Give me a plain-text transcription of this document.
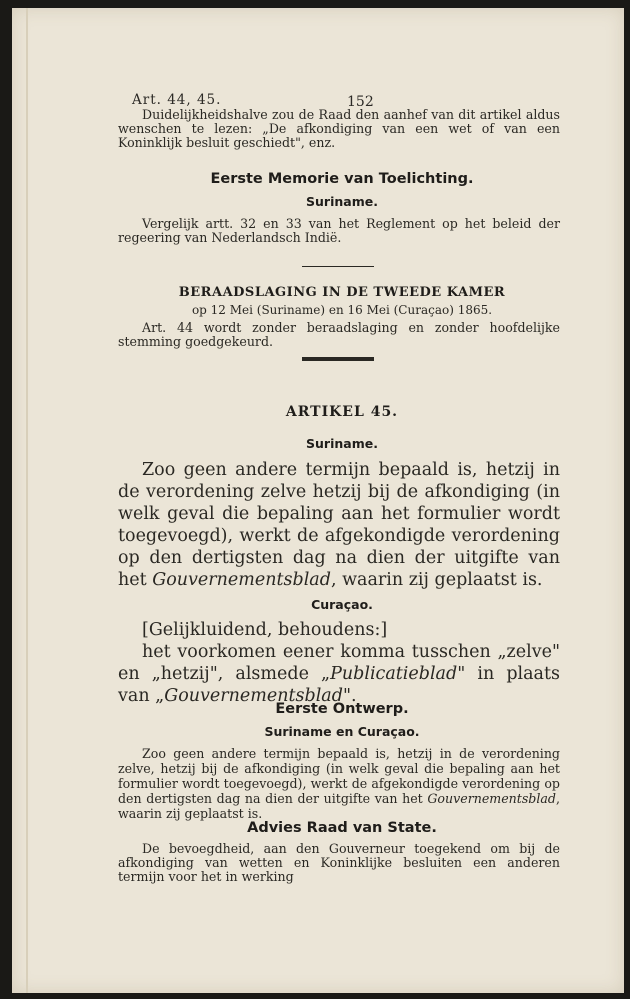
Art. 44, 45.	152
Duidelijkheidshalve zou de Raad den aanhef van dit artikel aldus wenschen te lezen: „De afkondiging van een wet of van een Koninklijk besluit geschiedt", enz.
Eerste Memorie van Toelichting.
Suriname.
Vergelijk artt. 32 en 33 van het Reglement op het beleid der regeering van Nederlandsch Indië.
BERAADSLAGING IN DE TWEEDE KAMER
op 12 Mei (Suriname) en 16 Mei (Curaçao) 1865.
Art. 44 wordt zonder beraadslaging en zonder hoofdelijke stemming goedgekeurd.
ARTIKEL 45.
Suriname.
Zoo geen andere termijn bepaald is, hetzij in de verordening zelve hetzij bij de afkondiging (in welk geval die bepaling aan het formulier wordt toegevoegd), werkt de afgekondigde verordening op den dertigsten dag na dien der uitgifte van het Gouvernementsblad, waarin zij geplaatst is.
Curaçao.
[Gelijkluidend, behoudens:]
het voorkomen eener komma tusschen „zelve" en „hetzij", alsmede „Publicatieblad" in plaats van „Gouvernementsblad".
Eerste Ontwerp.
Suriname en Curaçao.
Zoo geen andere termijn bepaald is, hetzij in de verordening zelve, hetzij bij de afkondiging (in welk geval die bepaling aan het formulier wordt toegevoegd), werkt de afgekondigde verordening op den dertigsten dag na dien der uitgifte van het Gouvernementsblad, waarin zij geplaatst is.
Advies Raad van State.
De bevoegdheid, aan den Gouverneur toegekend om bij de afkondiging van wetten en Koninklijke besluiten een anderen termijn voor het in werking
